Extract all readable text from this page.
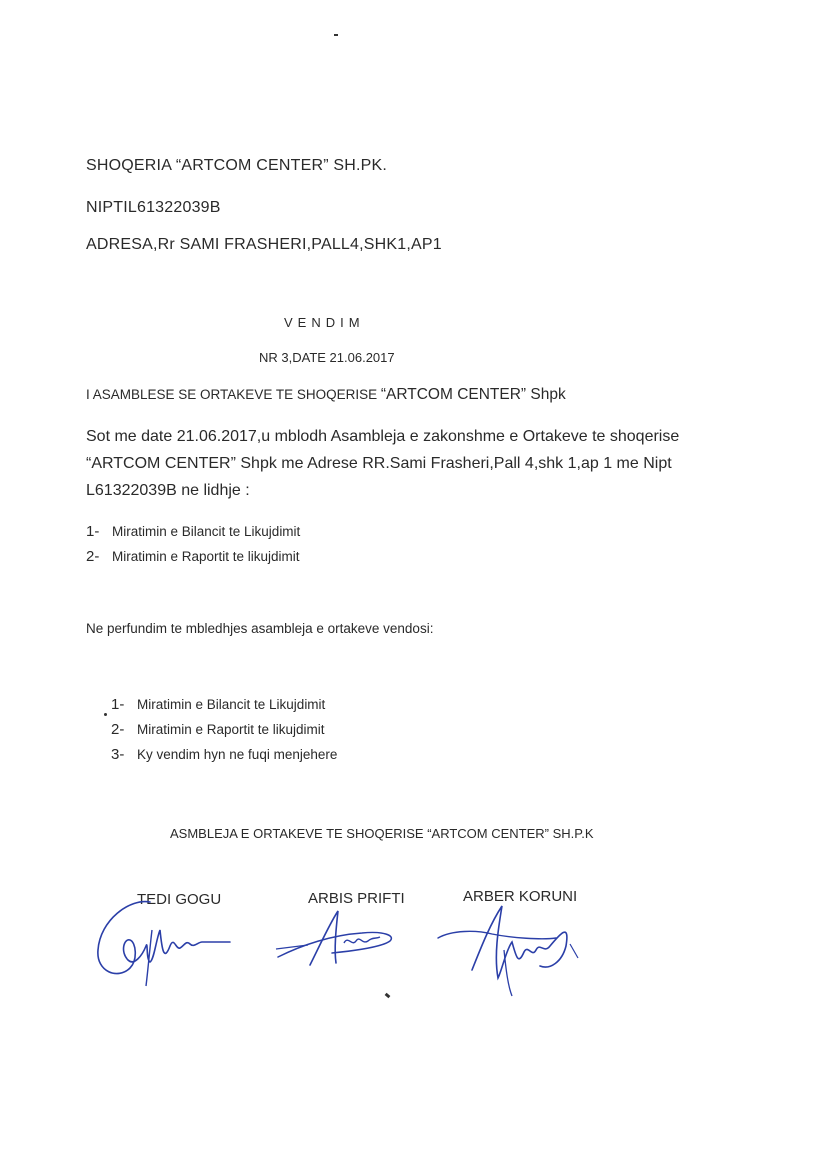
SHOQERIA “ARTCOM CENTER” SH.PK.
NIPTIL61322039B
ADRESA,Rr SAMI FRASHERI,PALL4,SHK1,AP1
VENDIM
NR 3,DATE 21.06.2017
I ASAMBLESE SE ORTAKEVE TE SHOQERISE “ARTCOM CENTER” Shpk
Sot me date 21.06.2017,u mblodh Asambleja e zakonshme e Ortakeve te shoqerise “ARTCOM CENTER” Shpk me Adrese RR.Sami Frasheri,Pall 4,shk 1,ap 1 me Nipt L61322039B ne lidhje :
1- Miratimin e Bilancit te Likujdimit
2- Miratimin e Raportit te likujdimit
Ne perfundim te mbledhjes asambleja e ortakeve vendosi:
1- Miratimin e Bilancit te Likujdimit
2- Miratimin e Raportit te likujdimit
3- Ky vendim hyn ne fuqi menjehere
ASMBLEJA E ORTAKEVE TE SHOQERISE “ARTCOM CENTER” SH.P.K
TEDI GOGU	ARBIS PRIFTI	ARBER KORUNI
